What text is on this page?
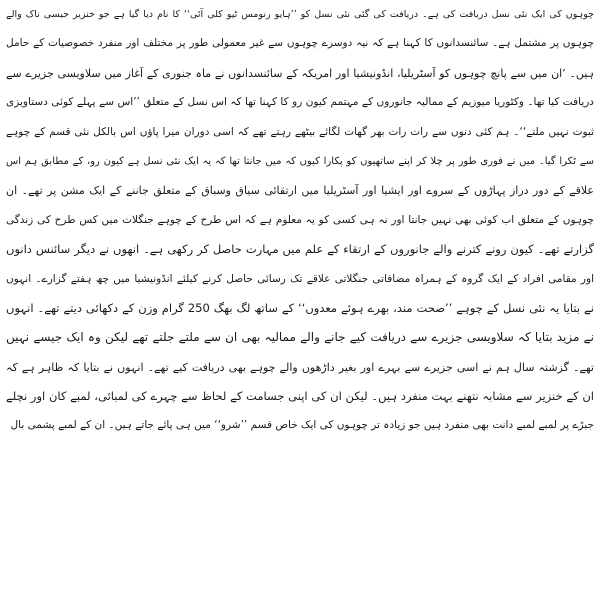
چوہوں کی ایک نئی نسل دریافت کی ہے۔ دریافت کی گئی نئی نسل کو ’’ہایو رنومس ٹیو کلی آئی‘‘ کا نام دیا گیا ہے جو خنزیر جیسی ناک والے
چوہوں پر مشتمل ہے۔ سائنسدانوں کا کہنا ہے کہ نیہ دوسرے چوہوں سے غیر معمولی طور پر مختلف اور منفرد خصوصیات کے حامل
ہیں۔ ’ان میں سے پانچ چوہوں کو آسٹریلیا، انڈونیشیا اور امریکہ کے سائنسدانوں نے ماہ جنوری کے آغاز میں سلاویسی جزیرے سے
دریافت کیا تھا۔ وکٹوریا میوزیم کے ممالیہ جانوروں کے مہتمم کیون رو کا کہنا تھا کہ اس نسل کے متعلق ’’اس سے پہلے کوئی دستاویزی
ثبوت نہیں ملتے‘‘۔ ہم کئی دنوں سے رات رات بھر گھات لگائے بیٹھے رہتے تھے کہ اسی دوران میرا پاؤں اس بالکل نئی قسم کے چوہے
سے ٹکرا گیا۔ میں نے فوری طور پر چلا کر اپنے ساتھیوں کو پکارا کیوں کہ میں جانتا تھا کہ یہ ایک نئی نسل ہے کیون رو، کے مطابق ہم اس
علاقے کے دور دراز پہاڑوں کے سروے اور ایشیا اور آسٹریلیا میں ارتقائی سیاق وسباق کے متعلق جاننے کے ایک مشن پر تھے۔ ان
چوہوں کے متعلق اب کوئی بھی نہیں جانتا اور نہ ہی کسی کو یہ معلوم ہے کہ اس طرح کے چوہے جنگلات میں کس طرح کی زندگی
گزارتے تھے۔ کیون رونے کترنے والے جانوروں کے ارتقاء کے علم میں مہارت حاصل کر رکھی ہے۔ انھوں نے دیگر سائنس دانوں
اور مقامی افراد کے ایک گروہ کے ہمراہ مضافاتی جنگلاتی علاقے تک رسائی حاصل کرنے کیلئے انڈونیشیا میں چھ ہفتے گزارے۔ انہوں
نے بتایا یہ نئی نسل کے چوہے ’’صحت مند، بھرے ہوئے معدوں‘‘ کے ساتھ لگ بھگ 250 گرام وزن کے دکھائی دیتے تھے۔ انہوں
نے مزید بتایا کہ سلاویسی جزیرے سے دریافت کیے جانے والے ممالیہ بھی ان سے ملتے جلتے تھے لیکن وہ ایک جیسے نہیں
تھے۔ گزشتہ سال ہم نے اسی جزیرے سے بہرے اور بغیر داڑھوں والے چوہے بھی دریافت کیے تھے۔ انہوں نے بتایا کہ ظاہر ہے کہ
ان کے خنزیر سے مشابہ نتھنے بہت منفرد ہیں۔ لیکن ان کی اپنی جسامت کے لحاظ سے چہرے کی لمبائی، لمبے کان اور نچلے
جبڑے پر لمبے لمبے دانت بھی منفرد ہیں جو زیادہ تر چوہوں کی ایک خاص قسم ’’شرو‘‘ میں ہی پائے جاتے ہیں۔ ان کے لمبے پشمی بال
